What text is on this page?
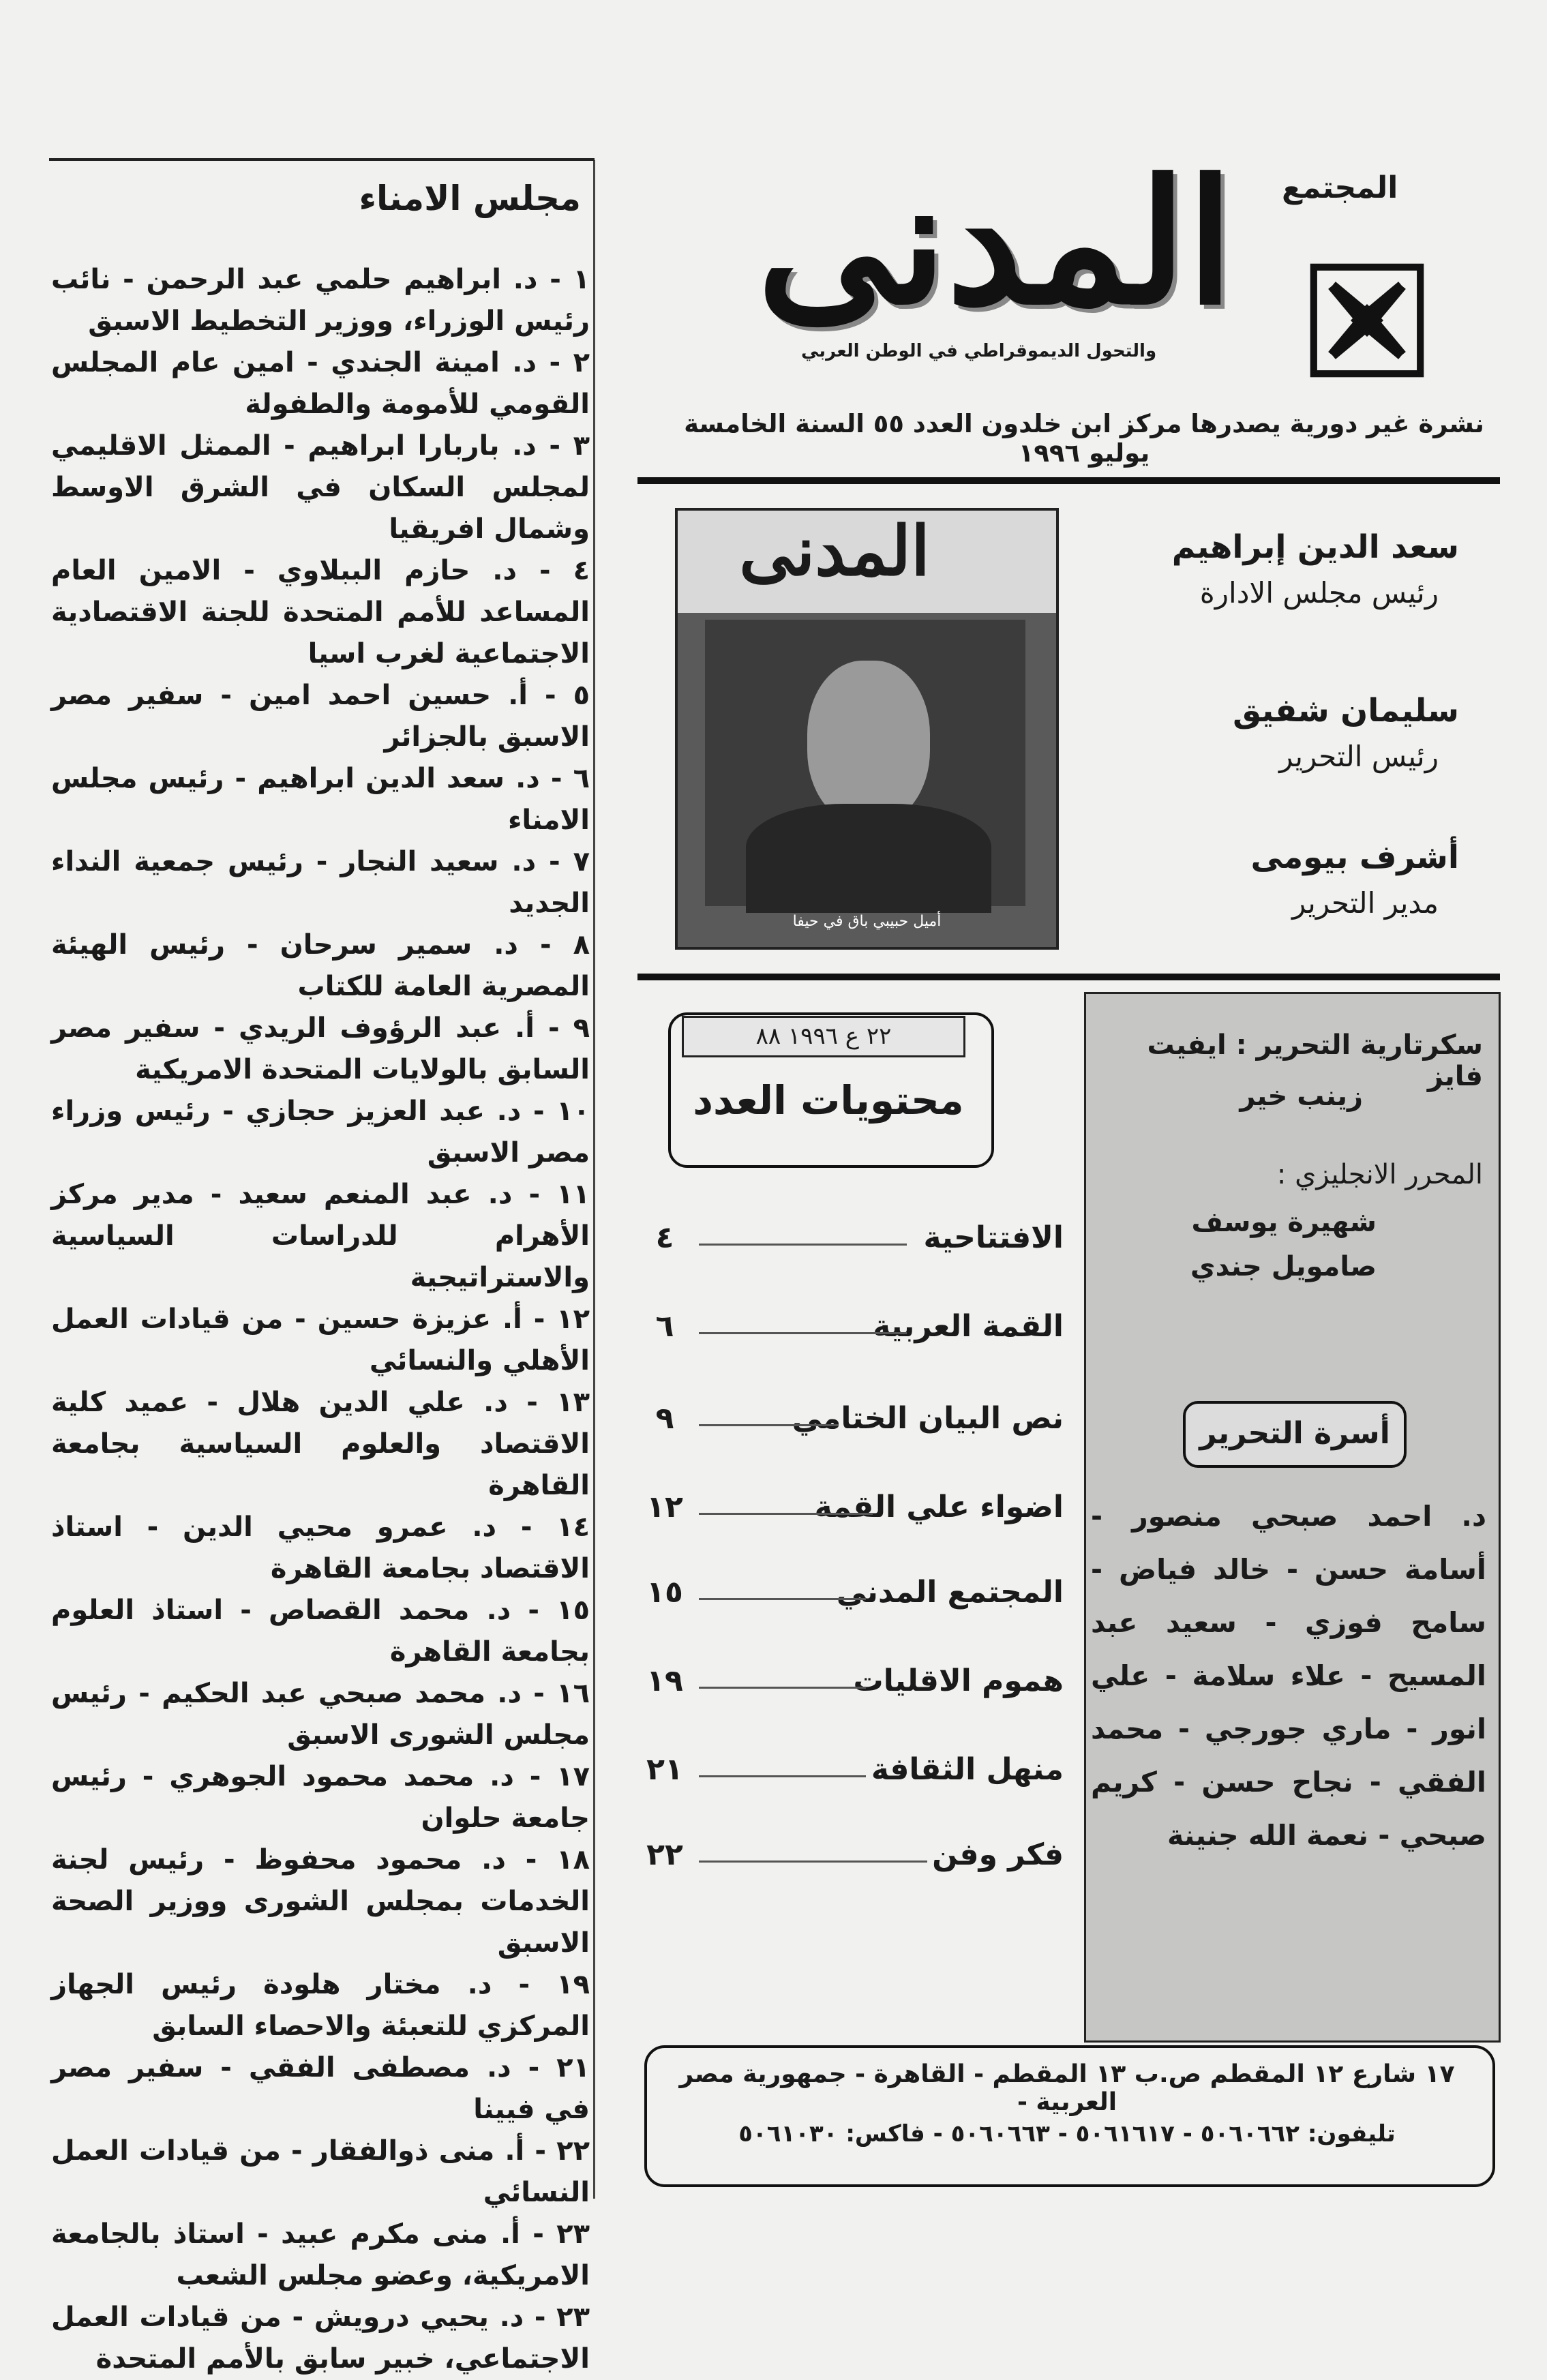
مجلس الامناء

١ - د. ابراهيم حلمي عبد الرحمن - نائب رئيس الوزراء، ووزير التخطيط الاسبق

٢ - د. امينة الجندي - امين عام المجلس القومي للأمومة والطفولة

٣ - د. باربارا ابراهيم - الممثل الاقليمي لمجلس السكان في الشرق الاوسط وشمال افريقيا

٤ - د. حازم الببلاوي - الامين العام المساعد للأمم المتحدة للجنة الاقتصادية الاجتماعية لغرب اسيا

٥ - أ. حسين احمد امين - سفير مصر الاسبق بالجزائر

٦ - د. سعد الدين ابراهيم - رئيس مجلس الامناء

٧ - د. سعيد النجار - رئيس جمعية النداء الجديد

٨ - د. سمير سرحان - رئيس الهيئة المصرية العامة للكتاب

٩ - أ. عبد الرؤوف الريدي - سفير مصر السابق بالولايات المتحدة الامريكية

١٠ - د. عبد العزيز حجازي - رئيس وزراء مصر الاسبق

١١ - د. عبد المنعم سعيد - مدير مركز الأهرام للدراسات السياسية والاستراتيجية

١٢ - أ. عزيزة حسين - من قيادات العمل الأهلي والنسائي

١٣ - د. علي الدين هلال - عميد كلية الاقتصاد والعلوم السياسية بجامعة القاهرة

١٤ - د. عمرو محيي الدين - استاذ الاقتصاد بجامعة القاهرة

١٥ - د. محمد القصاص - استاذ العلوم بجامعة القاهرة

١٦ - د. محمد صبحي عبد الحكيم - رئيس مجلس الشورى الاسبق

١٧ - د. محمد محمود الجوهري - رئيس جامعة حلوان

١٨ - د. محمود محفوظ - رئيس لجنة الخدمات بمجلس الشورى ووزير الصحة الاسبق

١٩ - د. مختار هلودة رئيس الجهاز المركزي للتعبئة والاحصاء السابق

٢١ - د. مصطفى الفقي - سفير مصر في فيينا

٢٢ - أ. منى ذوالفقار - من قيادات العمل النسائي

٢٣ - أ. منى مكرم عبيد - استاذ بالجامعة الامريكية، وعضو مجلس الشعب

٢٣ - د. يحيي درويش - من قيادات العمل الاجتماعي، خبير سابق بالأمم المتحدة

المجتمع
المدنى
والتحول الديموقراطي في الوطن العربي
نشرة غير دورية يصدرها مركز ابن خلدون العدد ٥٥ السنة الخامسة يوليو ١٩٩٦
المدنى
أميل حبيبي باق في حيفا
سعد الدين إبراهيم
رئيس مجلس الادارة
سليمان شفيق
رئيس التحرير
أشرف بيومى
مدير التحرير
سكرتارية التحرير : ايفيت فايز
زينب خير
المحرر الانجليزي :
شهيرة يوسف
صامويل جندي
أسرة التحرير
د. احمد صبحي منصور - أسامة حسن - خالد فياض - سامح فوزي - سعيد عبد المسيح - علاء سلامة - علي انور - ماري جورجي - محمد الفقي - نجاح حسن - كريم صبحي - نعمة الله جنينة
٢٢ ع ١٩٩٦ ٨٨
محتويات العدد
الافتتاحية
٤
القمة العربية
٦
نص البيان الختامي
٩
اضواء علي القمة
١٢
المجتمع المدني
١٥
هموم الاقليات
١٩
منهل الثقافة
٢١
فكر وفن
٢٢
١٧ شارع ١٢ المقطم ص.ب ١٣ المقطم - القاهرة - جمهورية مصر العربية -
تليفون: ٥٠٦٠٦٦٢ - ٥٠٦١٦١٧ - ٥٠٦٠٦٦٣ - فاكس: ٥٠٦١٠٣٠
